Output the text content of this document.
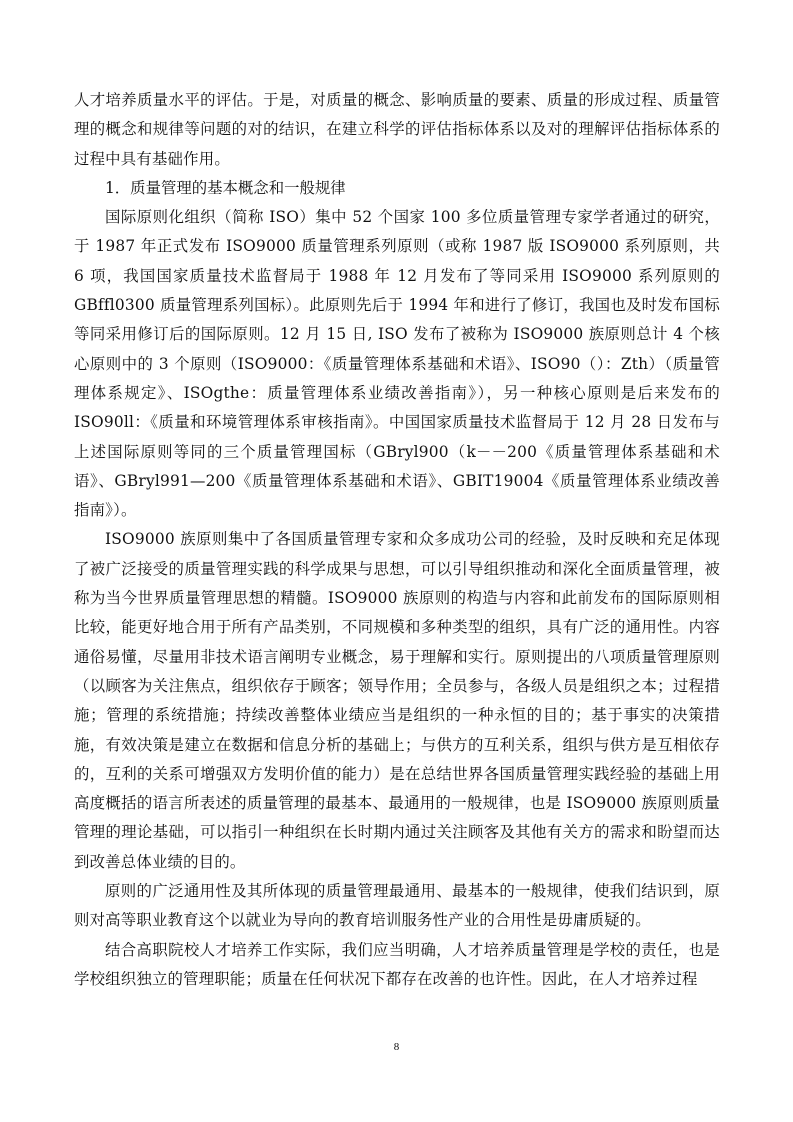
人才培养质量水平的评估。于是，对质量的概念、影响质量的要素、质量的形成过程、质量管理的概念和规律等问题的对的结识，在建立科学的评估指标体系以及对的理解评估指标体系的过程中具有基础作用。

1．质量管理的基本概念和一般规律

国际原则化组织（简称 ISO）集中 52 个国家 100 多位质量管理专家学者通过的研究，于 1987 年正式发布 ISO9000 质量管理系列原则（或称 1987 版 ISO9000 系列原则，共 6 项，我国国家质量技术监督局于 1988 年 12 月发布了等同采用 ISO9000 系列原则的 GBffl0300 质量管理系列国标）。此原则先后于 1994 年和进行了修订，我国也及时发布国标等同采用修订后的国际原则。12 月 15 日, ISO 发布了被称为 ISO9000 族原则总计 4 个核心原则中的 3 个原则（ISO9000：《质量管理体系基础和术语》、ISO90（）：Zth）（质量管理体系规定》、ISOgthe：质量管理体系业绩改善指南》），另一种核心原则是后来发布的 ISO90ll：《质量和环境管理体系审核指南》。中国国家质量技术监督局于 12 月 28 日发布与上述国际原则等同的三个质量管理国标（GBryl900（k－－200《质量管理体系基础和术语》、GBryl991—200《质量管理体系基础和术语》、GBIT19004《质量管理体系业绩改善指南》）。

ISO9000 族原则集中了各国质量管理专家和众多成功公司的经验，及时反映和充足体现了被广泛接受的质量管理实践的科学成果与思想，可以引导组织推动和深化全面质量管理，被称为当今世界质量管理思想的精髓。ISO9000 族原则的构造与内容和此前发布的国际原则相比较，能更好地合用于所有产品类别，不同规模和多种类型的组织，具有广泛的通用性。内容通俗易懂，尽量用非技术语言阐明专业概念，易于理解和实行。原则提出的八项质量管理原则（以顾客为关注焦点，组织依存于顾客；领导作用；全员参与，各级人员是组织之本；过程措施；管理的系统措施；持续改善整体业绩应当是组织的一种永恒的目的；基于事实的决策措施，有效决策是建立在数据和信息分析的基础上；与供方的互利关系，组织与供方是互相依存的，互利的关系可增强双方发明价值的能力）是在总结世界各国质量管理实践经验的基础上用高度概括的语言所表述的质量管理的最基本、最通用的一般规律，也是 ISO9000 族原则质量管理的理论基础，可以指引一种组织在长时期内通过关注顾客及其他有关方的需求和盼望而达到改善总体业绩的目的。

原则的广泛通用性及其所体现的质量管理最通用、最基本的一般规律，使我们结识到，原则对高等职业教育这个以就业为导向的教育培训服务性产业的合用性是毋庸质疑的。

结合高职院校人才培养工作实际，我们应当明确，人才培养质量管理是学校的责任，也是学校组织独立的管理职能；质量在任何状况下都存在改善的也许性。因此，在人才培养过程

8
